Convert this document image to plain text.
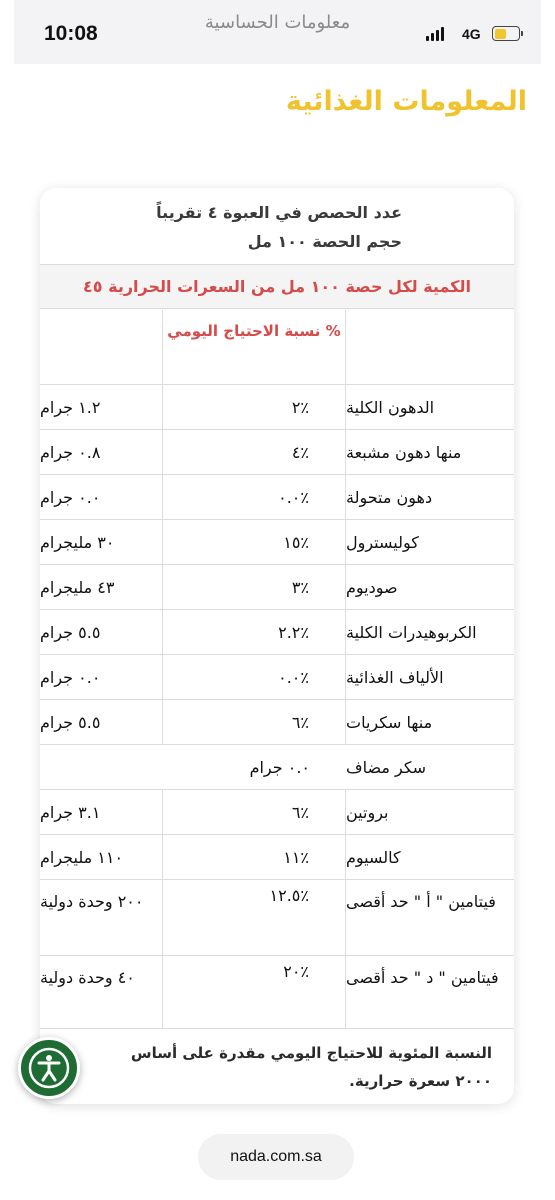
10:08	معلومات الحساسية
4G
المعلومات الغذائية
عدد الحصص في العبوة ٤ تقريباً
حجم الحصة ١٠٠ مل
الكمية لكل حصة ١٠٠ مل من السعرات الحرارية ٤٥
% نسبة الاحتياج اليومي
الدهون الكلية
٢٪
١.٢ جرام
منها دهون مشبعة
٤٪
٠.٨ جرام
دهون متحولة
٠.٠٪
٠.٠ جرام
كوليسترول
١٥٪
٣٠ مليجرام
صوديوم
٣٪
٤٣ مليجرام
الكربوهيدرات الكلية
٢.٢٪
٥.٥ جرام
الألياف الغذائية
٠.٠٪
٠.٠ جرام
منها سكريات
٦٪
٥.٥ جرام
سكر مضاف
٠.٠ جرام
بروتين
٦٪
٣.١ جرام
كالسيوم
١١٪
١١٠ مليجرام
فيتامين " أ " حد أقصى
١٢.٥٪
٢٠٠ وحدة دولية
فيتامين " د " حد أقصى
٢٠٪
٤٠ وحدة دولية
النسبة المئوية للاحتياج اليومي مقدرة على أساس ٢٠٠٠ سعرة حرارية.
nada.com.sa
